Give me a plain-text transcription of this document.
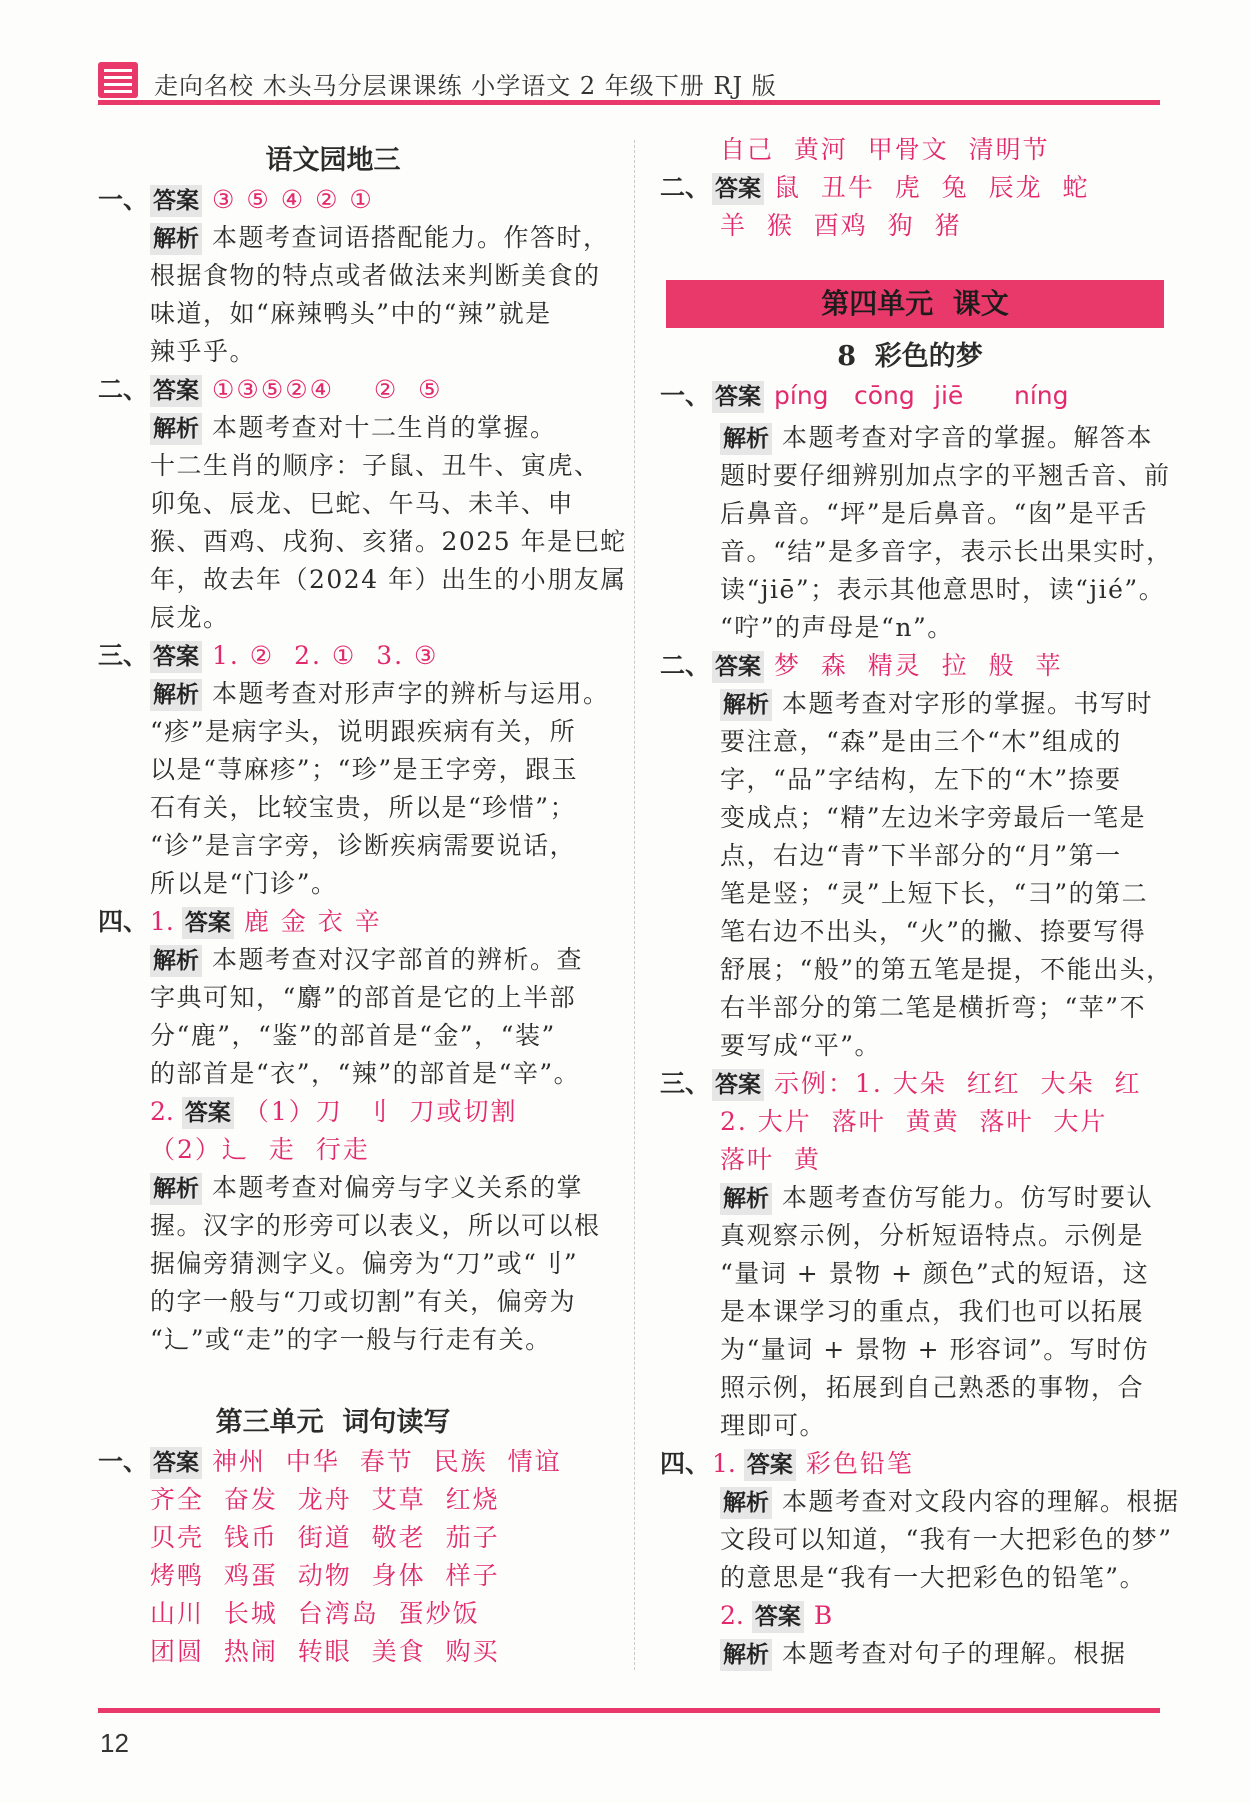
走向名校 木头马分层课课练 小学语文 2 年级下册 RJ 版
语文园地三
一、 答案 ③ ⑤ ④ ② ①
解析 本题考查词语搭配能力。作答时，
根据食物的特点或者做法来判断美食的
味道，如“麻辣鸭头”中的“辣”就是
辣乎乎。
二、 答案 ①③⑤②④    ②  ⑤
解析 本题考查对十二生肖的掌握。
十二生肖的顺序：子鼠、丑牛、寅虎、
卯兔、辰龙、巳蛇、午马、未羊、申
猴、酉鸡、戌狗、亥猪。2025 年是巳蛇
年，故去年（2024 年）出生的小朋友属
辰龙。
三、 答案 1. ②  2. ①  3. ③
解析 本题考查对形声字的辨析与运用。
“疹”是病字头，说明跟疾病有关，所
以是“荨麻疹”；“珍”是王字旁，跟玉
石有关，比较宝贵，所以是“珍惜”；
“诊”是言字旁，诊断疾病需要说话，
所以是“门诊”。
四、1. 答案 鹿 金 衣 辛
解析 本题考查对汉字部首的辨析。查
字典可知，“麝”的部首是它的上半部
分“鹿”，“鉴”的部首是“金”，“装”
的部首是“衣”，“辣”的部首是“辛”。
2. 答案 （1）刀  刂  刀或切割
（2）辶  走  行走
解析 本题考查对偏旁与字义关系的掌
握。汉字的形旁可以表义，所以可以根
据偏旁猜测字义。偏旁为“刀”或“刂”
的字一般与“刀或切割”有关，偏旁为
“辶”或“走”的字一般与行走有关。
第三单元  词句读写
一、 答案 神州  中华  春节  民族  情谊
齐全  奋发  龙舟  艾草  红烧
贝壳  钱币  街道  敬老  茄子
烤鸭  鸡蛋  动物  身体  样子
山川  长城  台湾岛  蛋炒饭
团圆  热闹  转眼  美食  购买
自己  黄河  甲骨文  清明节
二、 答案 鼠  丑牛  虎  兔  辰龙  蛇
羊  猴  酉鸡  狗  猪
第四单元  课文
8  彩色的梦
一、 答案 píng cōng jiē níng
解析 本题考查对字音的掌握。解答本
题时要仔细辨别加点字的平翘舌音、前
后鼻音。“坪”是后鼻音。“囱”是平舌
音。“结”是多音字，表示长出果实时，
读“jiē”；表示其他意思时，读“jié”。
“咛”的声母是“n”。
二、 答案 梦  森  精灵  拉  般  苹
解析 本题考查对字形的掌握。书写时
要注意，“森”是由三个“木”组成的
字，“品”字结构，左下的“木”捺要
变成点；“精”左边米字旁最后一笔是
点，右边“青”下半部分的“月”第一
笔是竖；“灵”上短下长，“彐”的第二
笔右边不出头，“火”的撇、捺要写得
舒展；“般”的第五笔是提，不能出头，
右半部分的第二笔是横折弯；“苹”不
要写成“平”。
三、 答案 示例：1. 大朵  红红  大朵  红
2. 大片  落叶  黄黄  落叶  大片
落叶  黄
解析 本题考查仿写能力。仿写时要认
真观察示例，分析短语特点。示例是
“量词 + 景物 + 颜色”式的短语，这
是本课学习的重点，我们也可以拓展
为“量词 + 景物 + 形容词”。写时仿
照示例，拓展到自己熟悉的事物，合
理即可。
四、1. 答案 彩色铅笔
解析 本题考查对文段内容的理解。根据
文段可以知道，“我有一大把彩色的梦”
的意思是“我有一大把彩色的铅笔”。
2. 答案 B
解析 本题考查对句子的理解。根据
12
